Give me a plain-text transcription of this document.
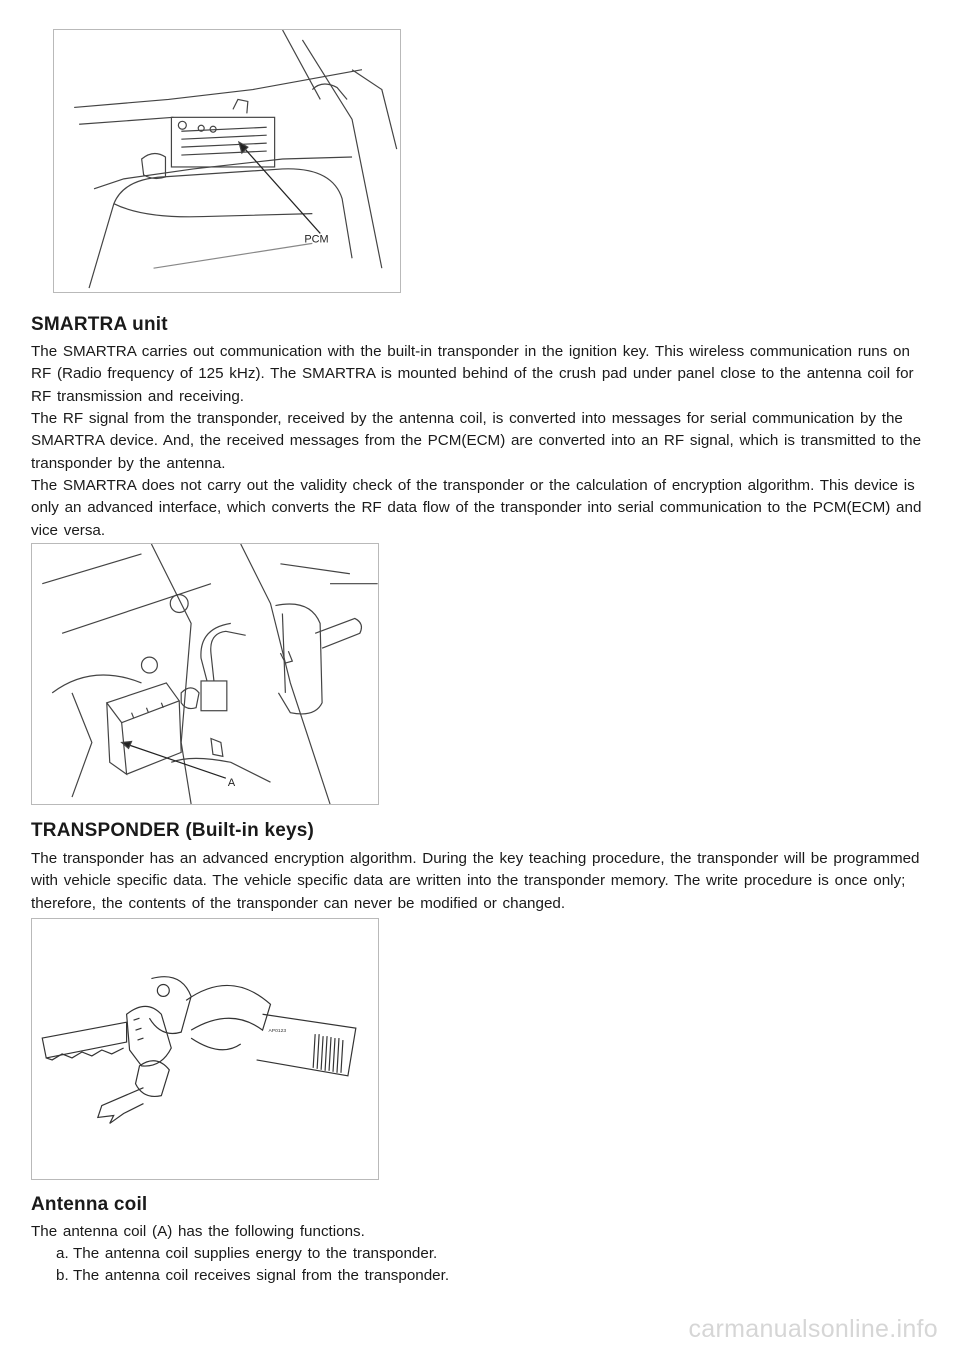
PCM
SMARTRA unit

The SMARTRA carries out communication with the built-in transponder in the ignition key. This wireless communication runs on RF (Radio frequency of 125 kHz). The SMARTRA is mounted behind of the crush pad under panel close to the antenna coil for RF transmission and receiving.

The RF signal from the transponder, received by the antenna coil, is converted into messages for serial communication by the SMARTRA device. And, the received messages from the PCM(ECM) are converted into an RF signal, which is transmitted to the transponder by the antenna.

The SMARTRA does not carry out the validity check of the transponder or the calculation of encryption algorithm. This device is only an advanced interface, which converts the RF data flow of the transponder into serial communication to the PCM(ECM) and vice versa.

A
TRANSPONDER (Built-in keys)

The transponder has an advanced encryption algorithm. During the key teaching procedure, the transponder will be programmed with vehicle specific data. The vehicle specific data are written into the transponder memory. The write procedure is once only; therefore, the contents of the transponder can never be modified or changed.

AP0123
Antenna coil

The antenna coil (A) has the following functions.

a. The antenna coil supplies energy to the transponder.
b. The antenna coil receives signal from the transponder.
carmanualsonline.info
